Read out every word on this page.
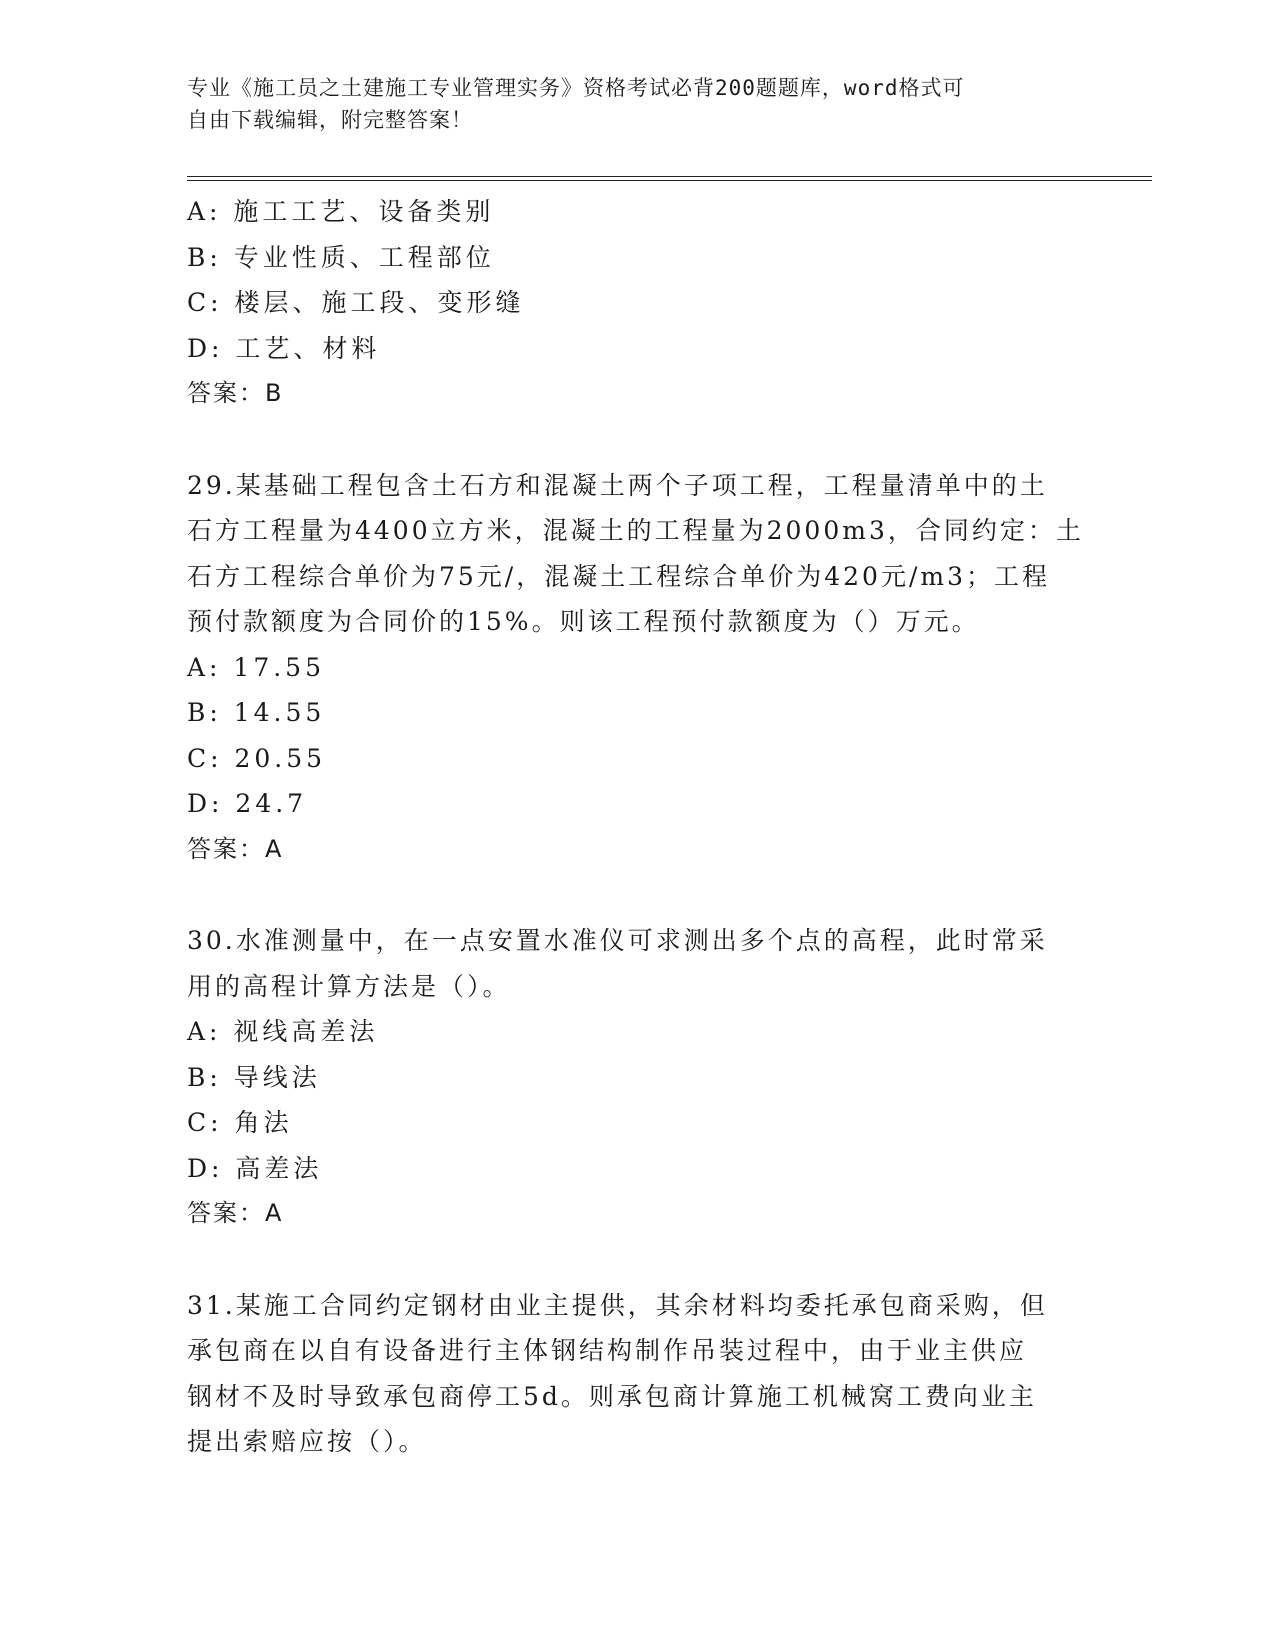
专业《施工员之土建施工专业管理实务》资格考试必背200题题库，word格式可
自由下载编辑，附完整答案！
A: 施工工艺、设备类别
B: 专业性质、工程部位
C: 楼层、施工段、变形缝
D: 工艺、材料
答案：B
29.某基础工程包含土石方和混凝土两个子项工程，工程量清单中的土
石方工程量为4400立方米，混凝土的工程量为2000m3，合同约定：土
石方工程综合单价为75元/，混凝土工程综合单价为420元/m3；工程
预付款额度为合同价的15%。则该工程预付款额度为（）万元。
A: 17.55
B: 14.55
C: 20.55
D: 24.7
答案：A
30.水准测量中，在一点安置水准仪可求测出多个点的高程，此时常采
用的高程计算方法是（）。
A: 视线高差法
B: 导线法
C: 角法
D: 高差法
答案：A
31.某施工合同约定钢材由业主提供，其余材料均委托承包商采购，但
承包商在以自有设备进行主体钢结构制作吊装过程中，由于业主供应
钢材不及时导致承包商停工5d。则承包商计算施工机械窝工费向业主
提出索赔应按（）。
